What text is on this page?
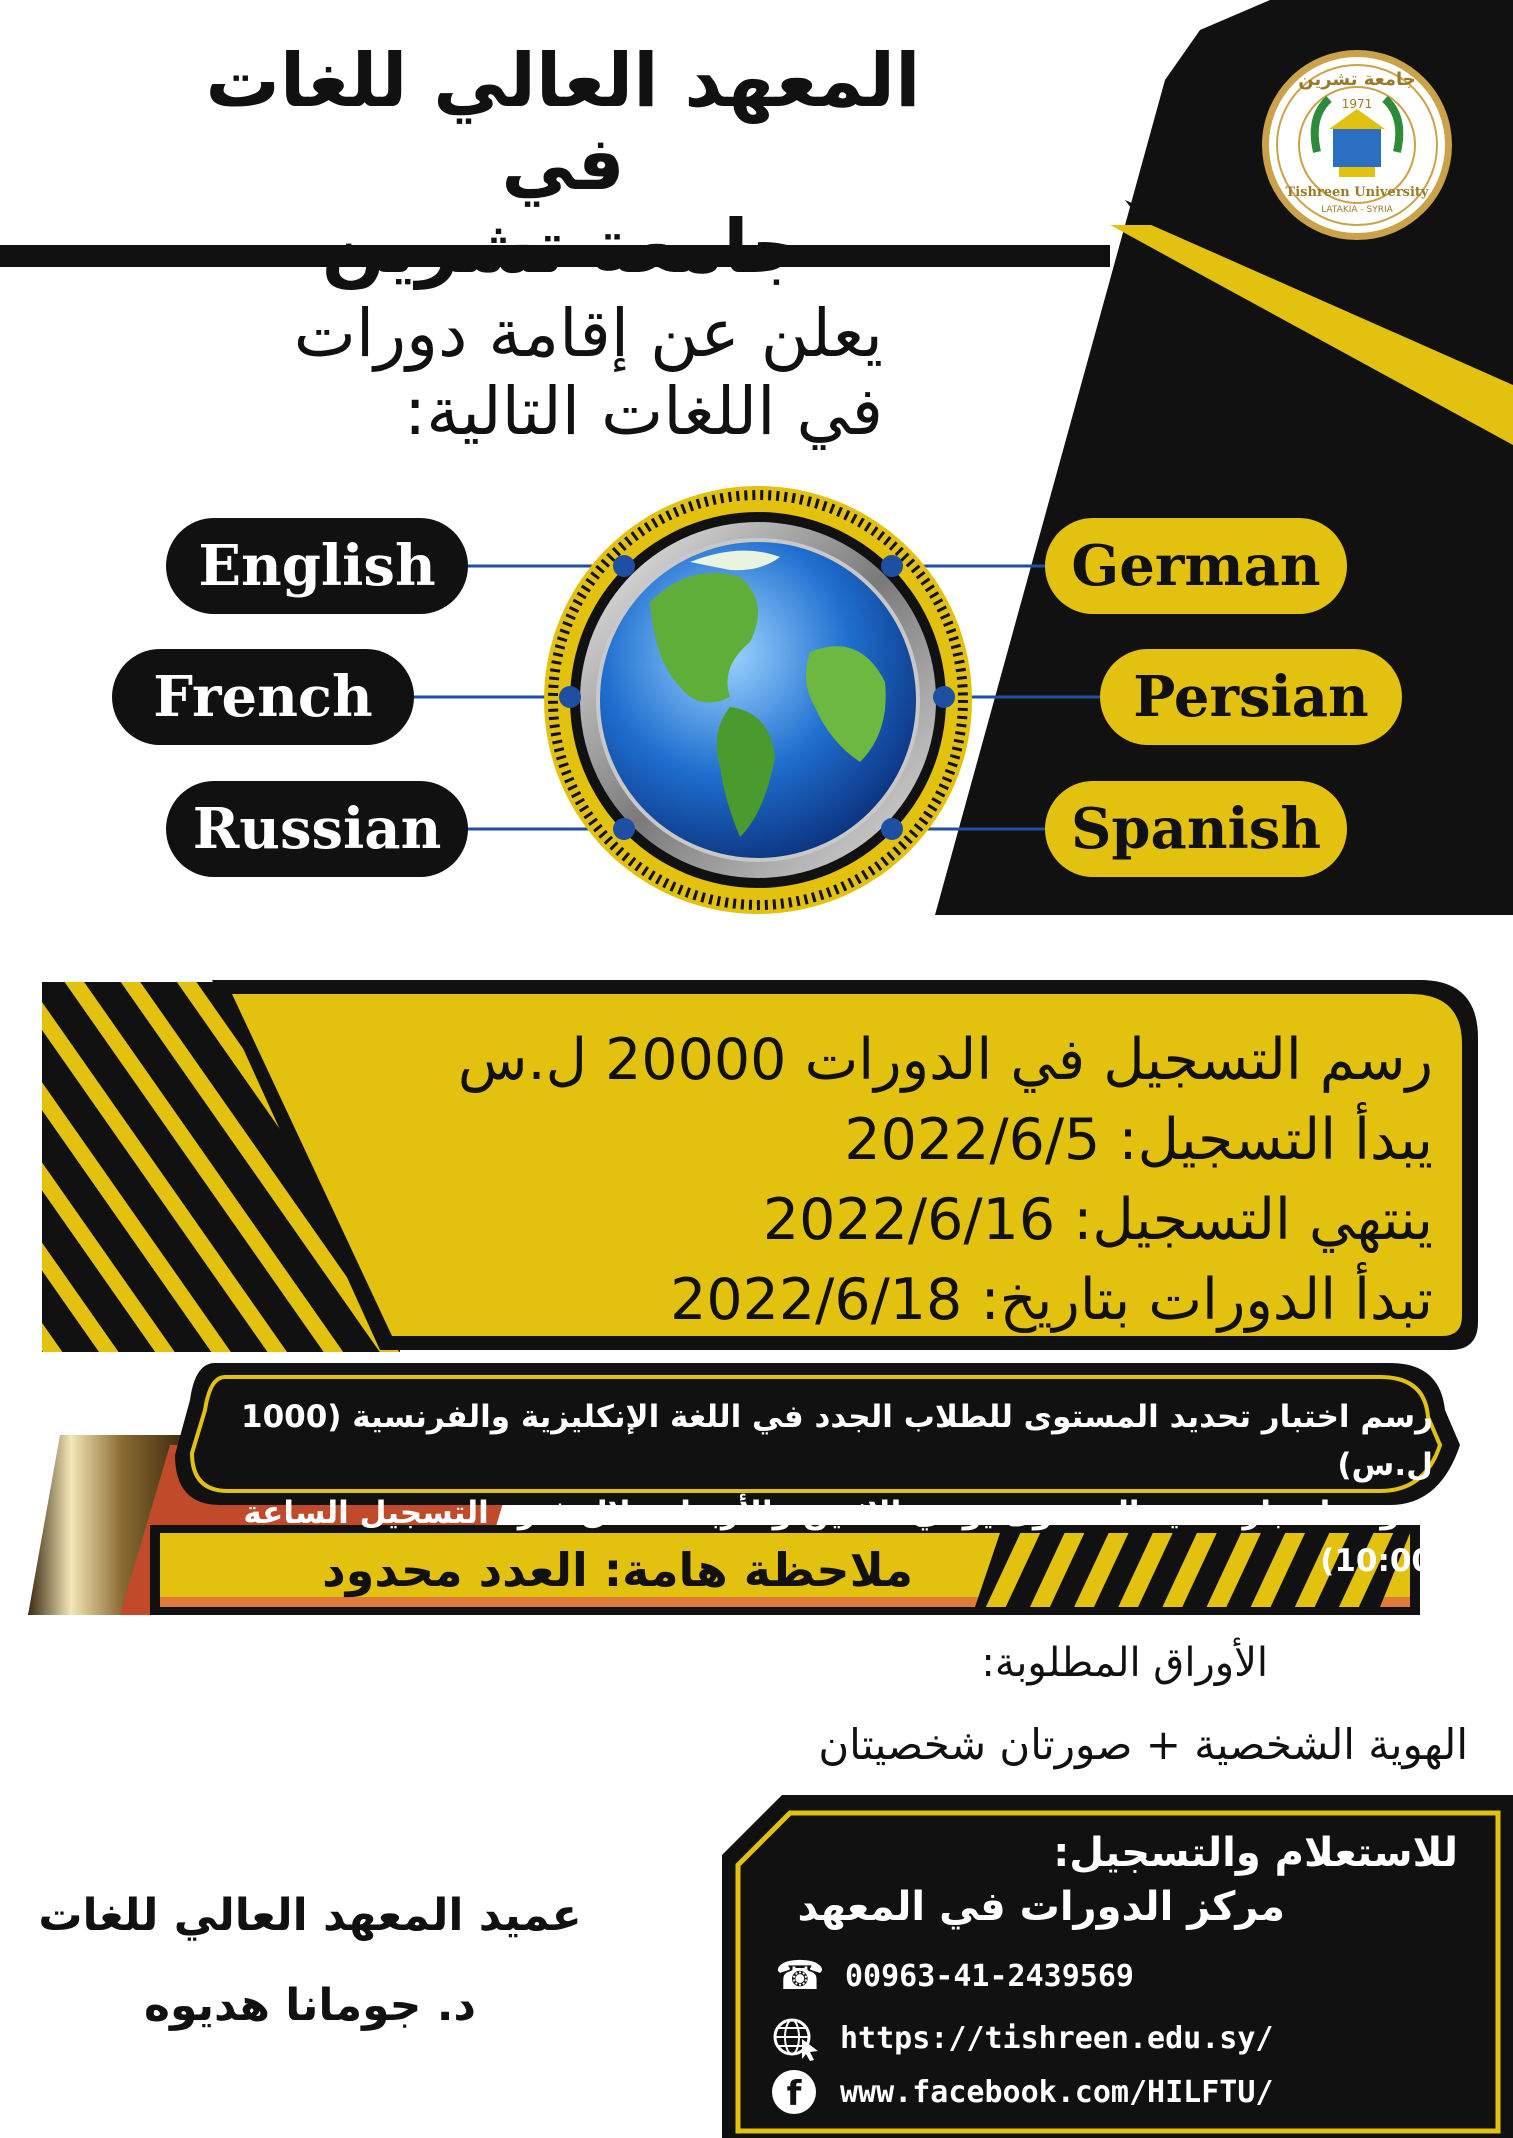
المعهد العالي للغات في
جامعة تشرين
جامعة تشرين
1971
Tishreen University
LATAKIA - SYRIA
يعلن عن إقامة دورات
في اللغات التالية:
English
French
Russian
German
Persian
Spanish
رسم التسجيل في الدورات 20000 ل.س
يبدأ التسجيل: 2022/6/5
ينتهي التسجيل: 2022/6/16
تبدأ الدورات بتاريخ: 2022/6/18
رسم اختبار تحديد المستوى للطلاب الجدد في اللغة الإنكليزية والفرنسية (1000 ل.س)
(موعد اختبار تحديد المستوى يومي الاثنين والأربعاء خلال فترة التسجيل الساعة 10:00)
ملاحظة هامة: العدد محدود
الأوراق المطلوبة:
الهوية الشخصية + صورتان شخصيتان
عميد المعهد العالي للغات
د. جومانا هديوه
للاستعلام والتسجيل:
مركز الدورات في المعهد
☎ 00963-41-2439569
https://tishreen.edu.sy/
f	www.facebook.com/HILFTU/
